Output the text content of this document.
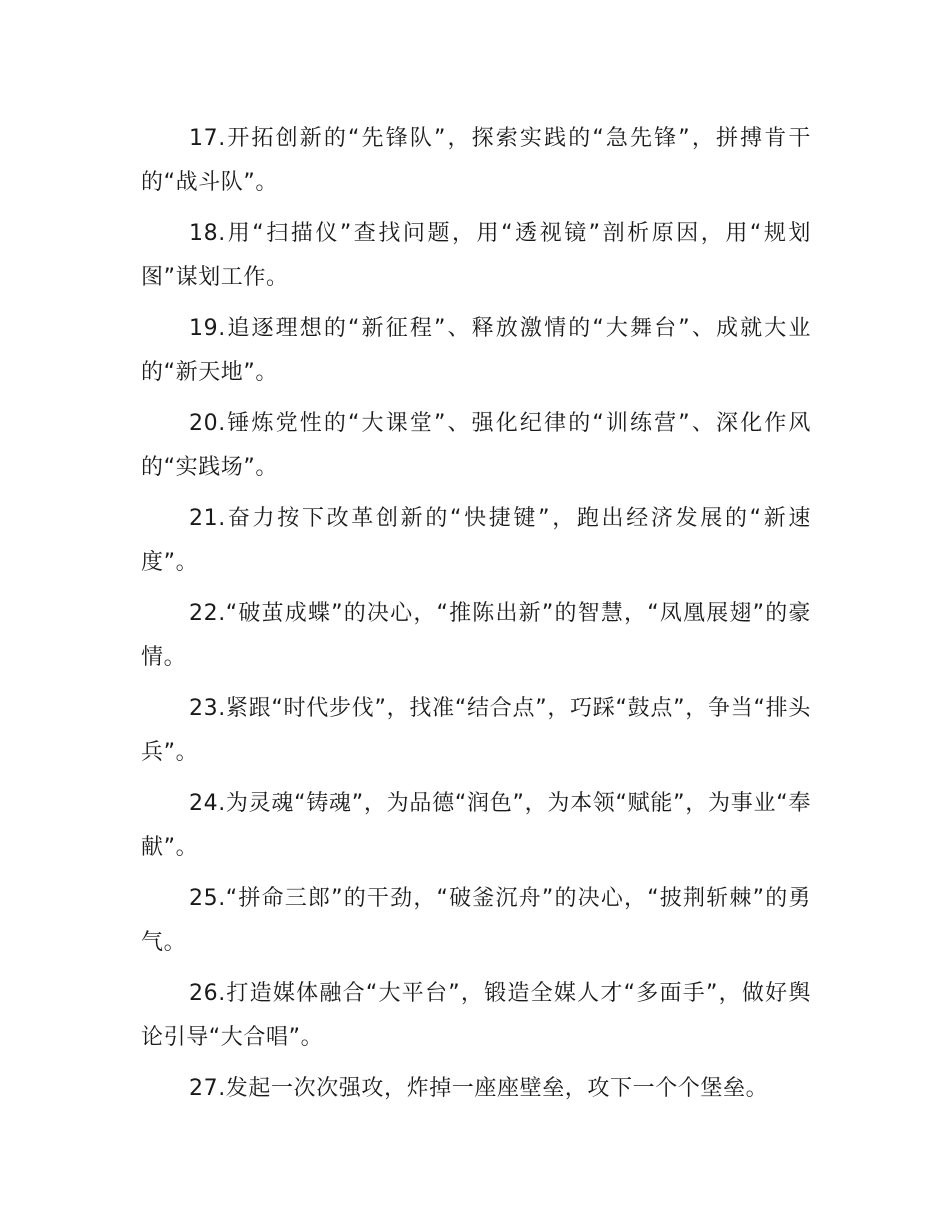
17.开拓创新的“先锋队”，探索实践的“急先锋”，拼搏肯干的“战斗队”。

18.用“扫描仪”查找问题，用“透视镜”剖析原因，用“规划图”谋划工作。

19.追逐理想的“新征程”、释放激情的“大舞台”、成就大业的“新天地”。

20.锤炼党性的“大课堂”、强化纪律的“训练营”、深化作风的“实践场”。

21.奋力按下改革创新的“快捷键”，跑出经济发展的“新速度”。

22.“破茧成蝶”的决心，“推陈出新”的智慧，“凤凰展翅”的豪情。

23.紧跟“时代步伐”，找准“结合点”，巧踩“鼓点”，争当“排头兵”。

24.为灵魂“铸魂”，为品德“润色”，为本领“赋能”，为事业“奉献”。

25.“拼命三郎”的干劲，“破釜沉舟”的决心，“披荆斩棘”的勇气。

26.打造媒体融合“大平台”，锻造全媒人才“多面手”，做好舆论引导“大合唱”。

27.发起一次次强攻，炸掉一座座壁垒，攻下一个个堡垒。
